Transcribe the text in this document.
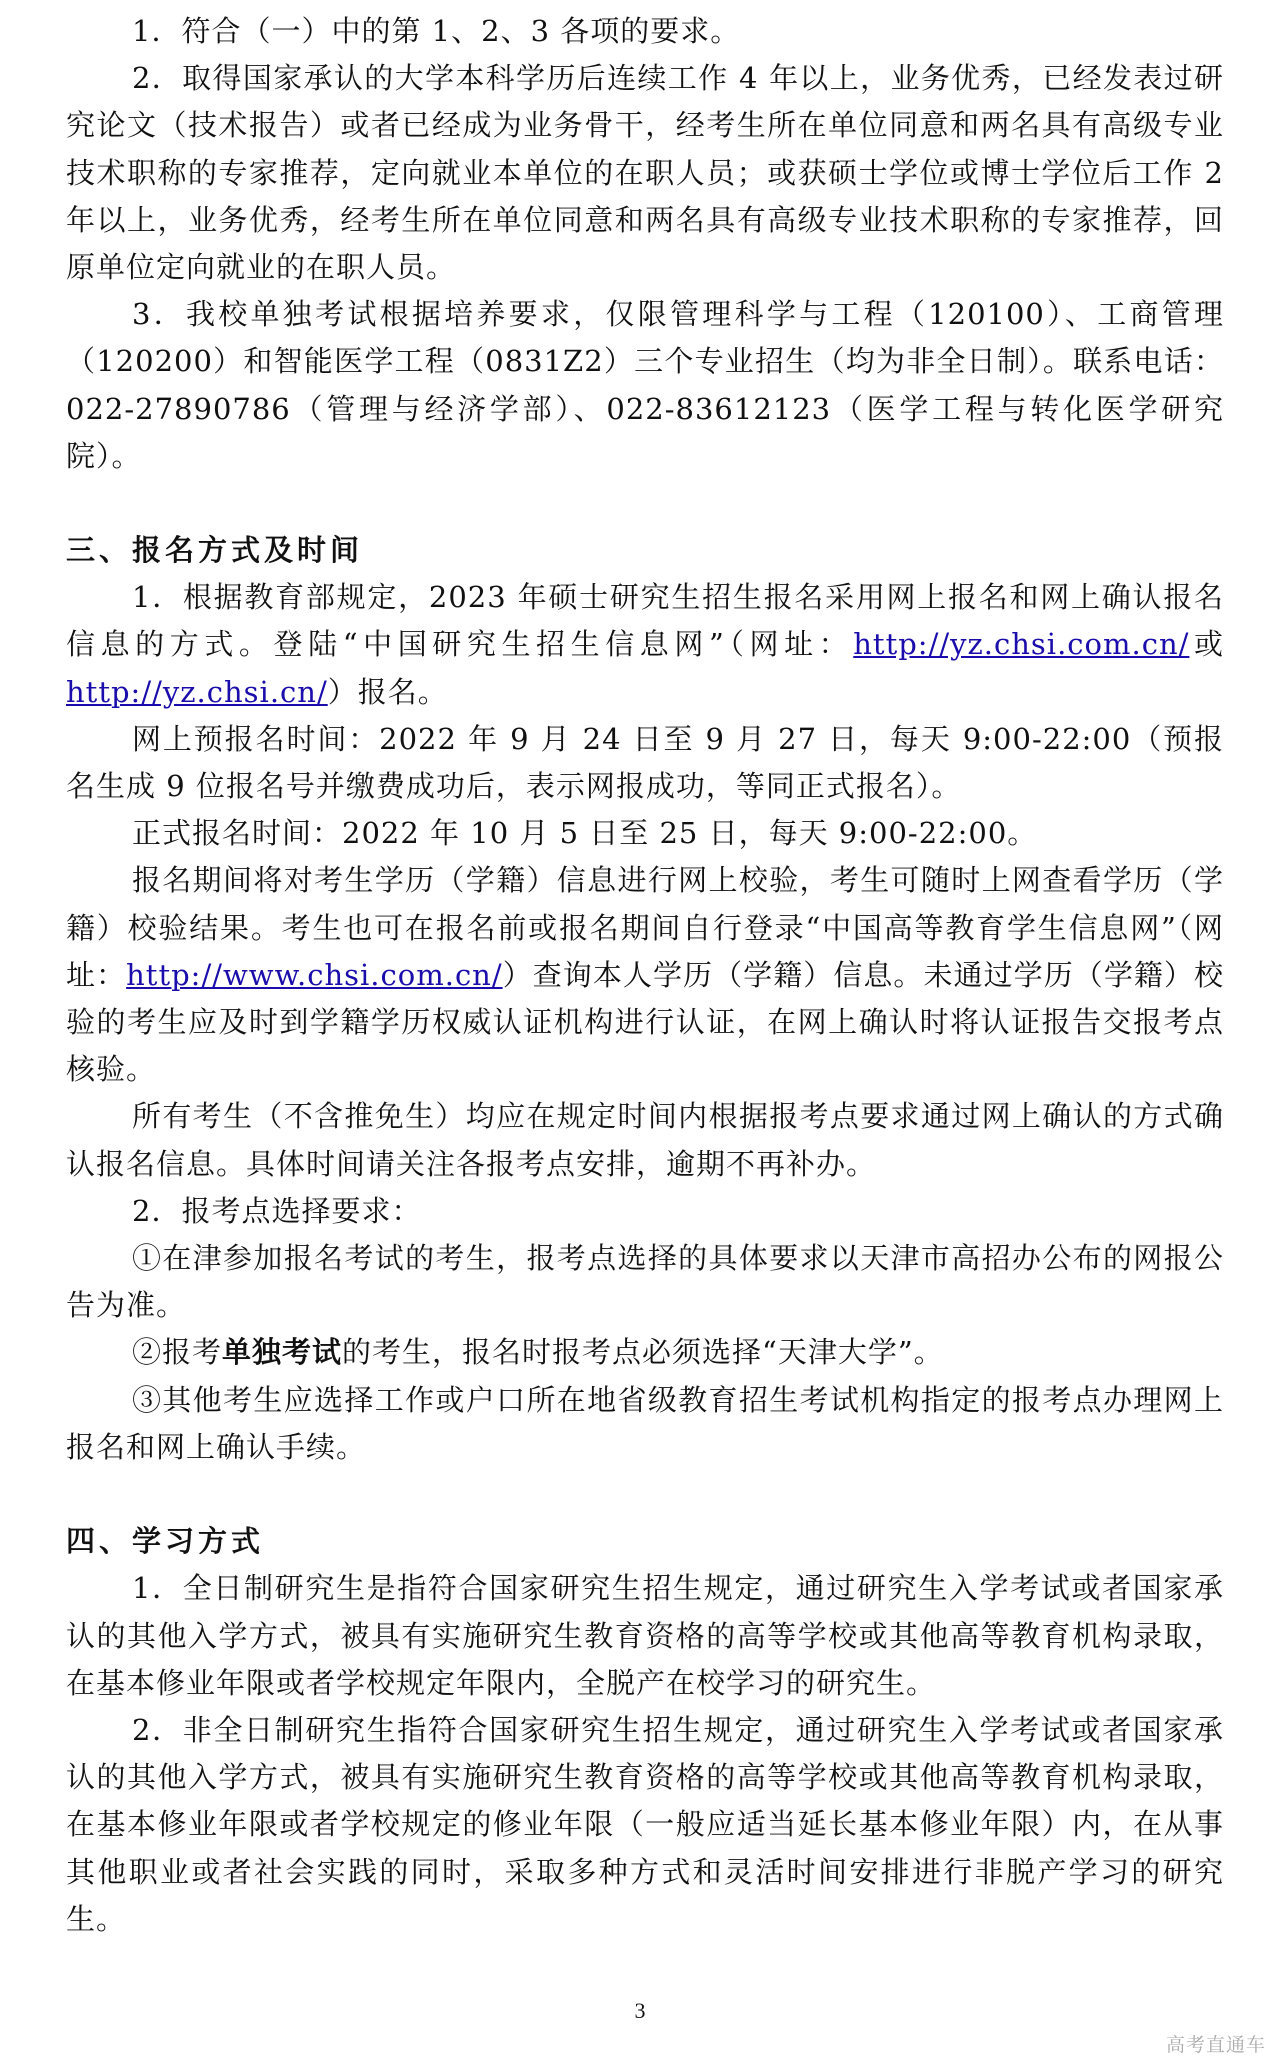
1．符合（一）中的第 1、2、3 各项的要求。

2．取得国家承认的大学本科学历后连续工作 4 年以上，业务优秀，已经发表过研究论文（技术报告）或者已经成为业务骨干，经考生所在单位同意和两名具有高级专业技术职称的专家推荐，定向就业本单位的在职人员；或获硕士学位或博士学位后工作 2 年以上，业务优秀，经考生所在单位同意和两名具有高级专业技术职称的专家推荐，回原单位定向就业的在职人员。

3．我校单独考试根据培养要求，仅限管理科学与工程（120100）、工商管理（120200）和智能医学工程（0831Z2）三个专业招生（均为非全日制）。联系电话：022-27890786（管理与经济学部）、022-83612123（医学工程与转化医学研究院）。

三、报名方式及时间

1．根据教育部规定，2023 年硕士研究生招生报名采用网上报名和网上确认报名信息的方式。登陆“中国研究生招生信息网”（网址：http://yz.chsi.com.cn/或http://yz.chsi.cn/）报名。

网上预报名时间：2022 年 9 月 24 日至 9 月 27 日，每天 9:00-22:00（预报名生成 9 位报名号并缴费成功后，表示网报成功，等同正式报名）。

正式报名时间：2022 年 10 月 5 日至 25 日，每天 9:00-22:00。

报名期间将对考生学历（学籍）信息进行网上校验，考生可随时上网查看学历（学籍）校验结果。考生也可在报名前或报名期间自行登录“中国高等教育学生信息网”（网址：http://www.chsi.com.cn/）查询本人学历（学籍）信息。未通过学历（学籍）校验的考生应及时到学籍学历权威认证机构进行认证，在网上确认时将认证报告交报考点核验。

所有考生（不含推免生）均应在规定时间内根据报考点要求通过网上确认的方式确认报名信息。具体时间请关注各报考点安排，逾期不再补办。

2．报考点选择要求：

①在津参加报名考试的考生，报考点选择的具体要求以天津市高招办公布的网报公告为准。

②报考单独考试的考生，报名时报考点必须选择“天津大学”。

③其他考生应选择工作或户口所在地省级教育招生考试机构指定的报考点办理网上报名和网上确认手续。

四、学习方式

1．全日制研究生是指符合国家研究生招生规定，通过研究生入学考试或者国家承认的其他入学方式，被具有实施研究生教育资格的高等学校或其他高等教育机构录取，在基本修业年限或者学校规定年限内，全脱产在校学习的研究生。

2．非全日制研究生指符合国家研究生招生规定，通过研究生入学考试或者国家承认的其他入学方式，被具有实施研究生教育资格的高等学校或其他高等教育机构录取，在基本修业年限或者学校规定的修业年限（一般应适当延长基本修业年限）内，在从事其他职业或者社会实践的同时，采取多种方式和灵活时间安排进行非脱产学习的研究生。

3
高考直通车
